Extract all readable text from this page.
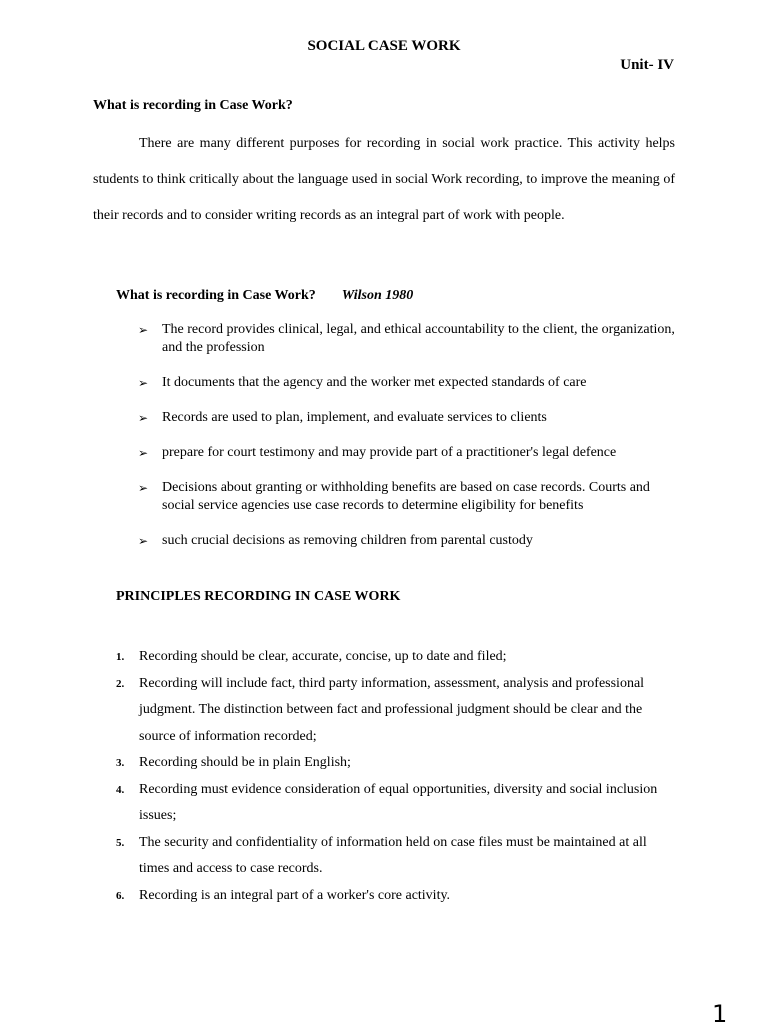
SOCIAL CASE WORK
Unit- IV
What is recording in Case Work?

There are many different purposes for recording in social work practice. This activity helps students to think critically about the language used in social Work recording, to improve the meaning of their records and to consider writing records as an integral part of work with people.

What is recording in Case Work? Wilson 1980
➢ The record provides clinical, legal, and ethical accountability to the client, the organization, and the profession
➢ It documents that the agency and the worker met expected standards of care
➢ Records are used to plan, implement, and evaluate services to clients
➢ prepare for court testimony and may provide part of a practitioner's legal defence
➢ Decisions about granting or withholding benefits are based on case records. Courts and social service agencies use case records to determine eligibility for benefits
➢ such crucial decisions as removing children from parental custody
PRINCIPLES RECORDING IN CASE WORK
1. Recording should be clear, accurate, concise, up to date and filed;
2. Recording will include fact, third party information, assessment, analysis and professional judgment. The distinction between fact and professional judgment should be clear and the source of information recorded;
3. Recording should be in plain English;
4. Recording must evidence consideration of equal opportunities, diversity and social inclusion issues;
5. The security and confidentiality of information held on case files must be maintained at all times and access to case records.
6. Recording is an integral part of a worker's core activity.
1
